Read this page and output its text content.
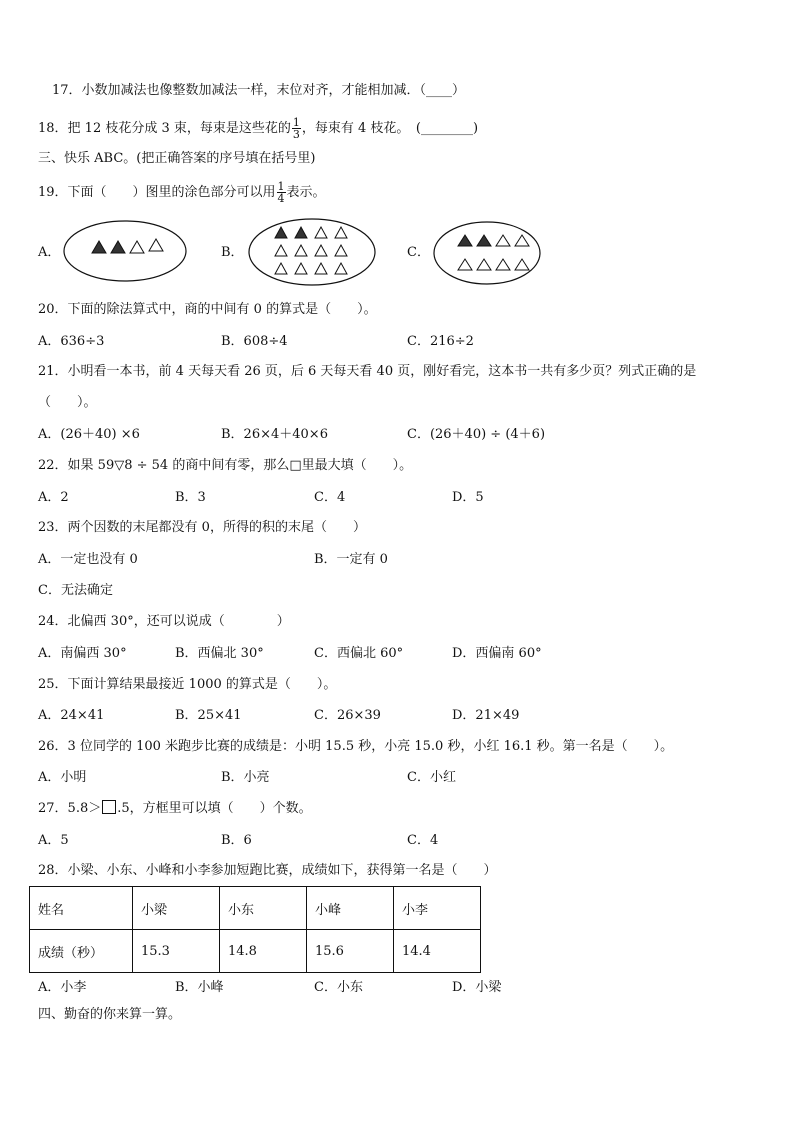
17．小数加减法也像整数加减法一样，末位对齐，才能相加减．（____）
18．把 12 枝花分成 3 束，每束是这些花的 $\frac{1}{3}$ ，每束有 4 枝花。　(________)
三、快乐 ABC。(把正确答案的序号填在括号里)
19．下面（　　）图里的涂色部分可以用 $\frac{1}{4}$ 表示。
A．	B．	C．
20．下面的除法算式中，商的中间有 0 的算式是（　　）。
A．636÷3	B．608÷4	C．216÷2
21．小明看一本书，前 4 天每天看 26 页，后 6 天每天看 40 页，刚好看完，这本书一共有多少页？列式正确的是
（　　）。
A．(26＋40) ×6	B．26×4＋40×6	C．(26＋40) ÷ (4＋6)
22．如果 59▽8 ÷ 54 的商中间有零，那么□里最大填（　　）。
A．2	B．3	C．4	D．5
23．两个因数的末尾都没有 0，所得的积的末尾（　　）
A．一定也没有 0	B．一定有 0
C．无法确定
24．北偏西 30°，还可以说成（　　　　）
A．南偏西 30°	B．西偏北 30°	C．西偏北 60°	D．西偏南 60°
25．下面计算结果最接近 1000 的算式是（　　）。
A．24×41	B．25×41	C．26×39	D．21×49
26．3 位同学的 100 米跑步比赛的成绩是：小明 15.5 秒，小亮 15.0 秒，小红 16.1 秒。第一名是（　　）。
A．小明	B．小亮	C．小红
27．5.8＞ .5，方框里可以填（　　）个数。
A．5	B．6	C．4
28．小梁、小东、小峰和小李参加短跑比赛，成绩如下，获得第一名是（　　）
姓名	小梁	小东	小峰	小李
成绩（秒）	15.3	14.8	15.6	14.4
A．小李	B．小峰	C．小东	D．小梁
四、勤奋的你来算一算。
